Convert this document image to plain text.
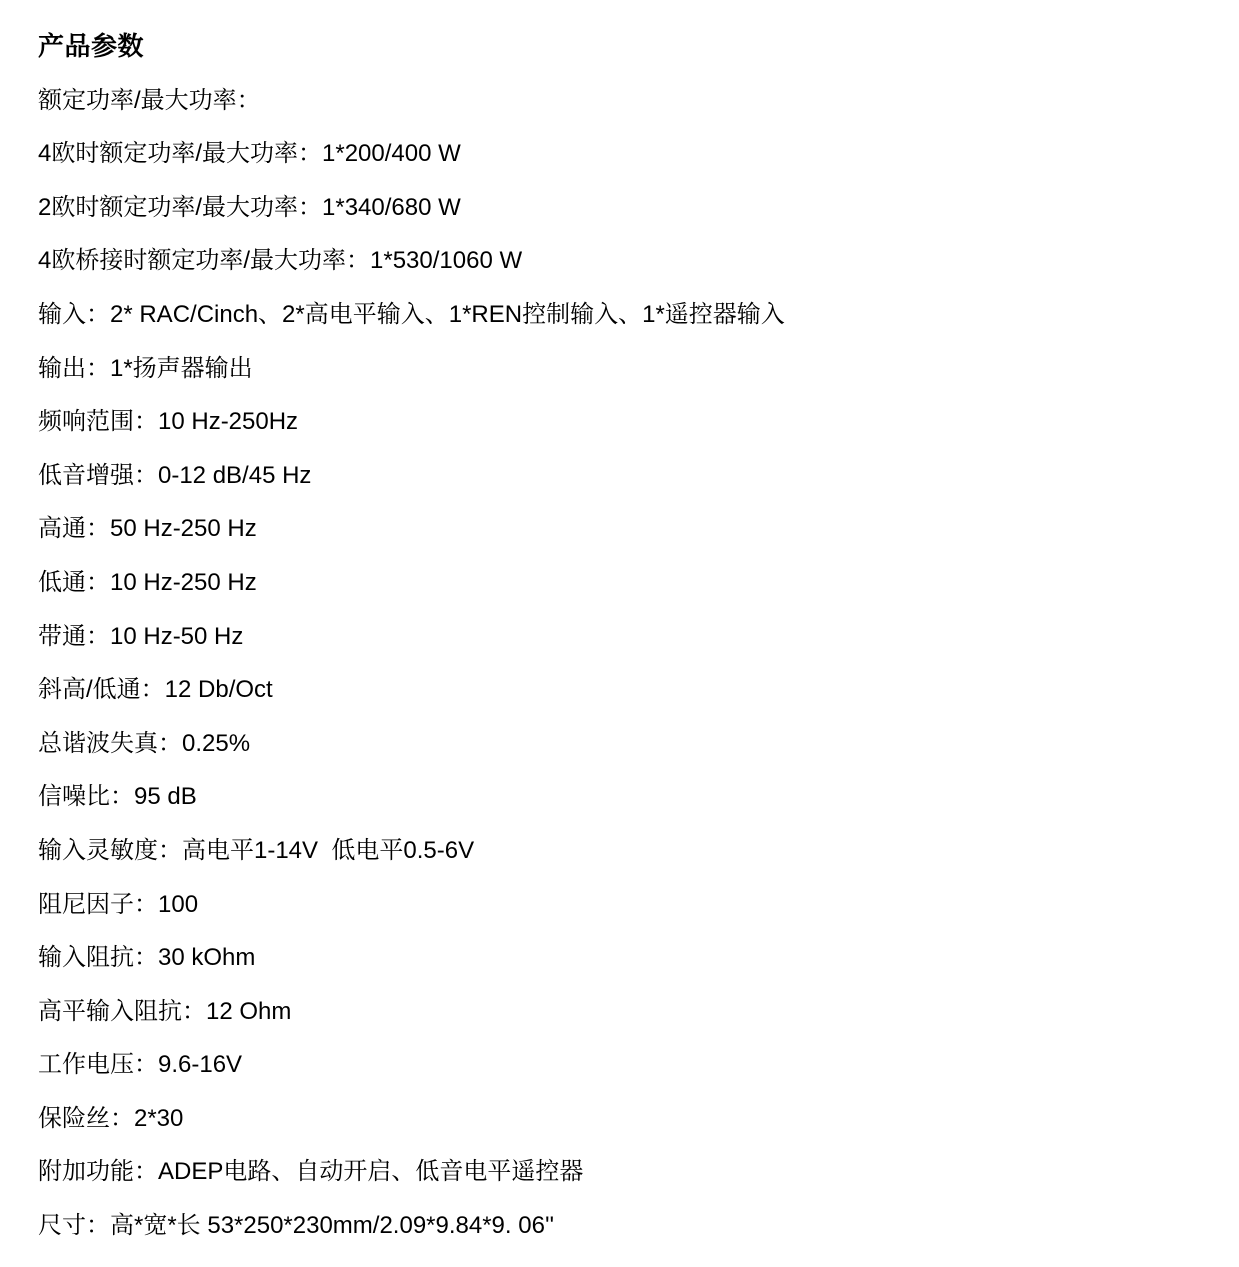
产品参数

额定功率/最大功率：

4欧时额定功率/最大功率：1*200/400 W

2欧时额定功率/最大功率：1*340/680 W

4欧桥接时额定功率/最大功率：1*530/1060 W

输入：2* RAC/Cinch、2*高电平输入、1*REN控制输入、1*遥控器输入

输出：1*扬声器输出

频响范围：10 Hz-250Hz

低音增强：0-12 dB/45 Hz

高通：50 Hz-250 Hz

低通：10 Hz-250 Hz

带通：10 Hz-50 Hz

斜高/低通：12 Db/Oct

总谐波失真：0.25%

信噪比：95 dB

输入灵敏度：高电平1-14V  低电平0.5-6V

阻尼因子：100

输入阻抗：30 kOhm

高平输入阻抗：12 Ohm

工作电压：9.6-16V

保险丝：2*30

附加功能：ADEP电路、自动开启、低音电平遥控器

尺寸：高*宽*长 53*250*230mm/2.09*9.84*9. 06''
